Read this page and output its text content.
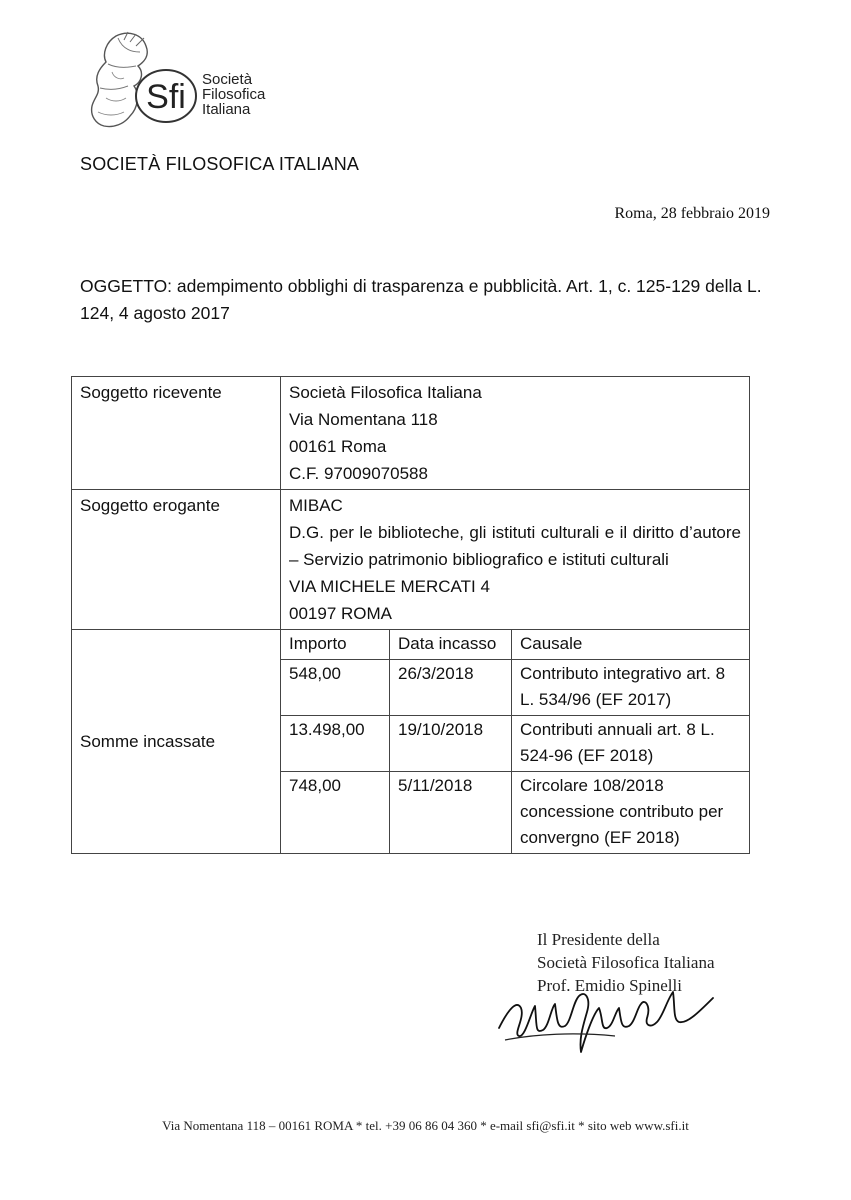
Sfi Società
Filosofica
Italiana
SOCIETÀ FILOSOFICA ITALIANA
Roma, 28 febbraio 2019
OGGETTO: adempimento obblighi di trasparenza e pubblicità. Art. 1, c. 125-129 della L. 124, 4 agosto 2017
Soggetto ricevente	Società Filosofica Italiana
Via Nomentana 118
00161 Roma
C.F. 97009070588

Soggetto erogante	MIBAC
D.G. per le biblioteche, gli istituti culturali e il diritto d’autore – Servizio patrimonio bibliografico e istituti culturali
VIA MICHELE MERCATI 4
00197 ROMA

Somme incassate	
Importo	Data incasso	Causale
548,00	26/3/2018	Contributo integrativo art. 8 L. 534/96 (EF 2017)
13.498,00	19/10/2018	Contributi annuali art. 8 L. 524-96 (EF 2018)
748,00	5/11/2018	Circolare 108/2018 concessione contributo per convergno (EF 2018)
Il Presidente della
Società Filosofica Italiana
Prof. Emidio Spinelli
Via Nomentana 118 – 00161 ROMA * tel. +39 06 86 04 360 * e-mail sfi@sfi.it * sito web www.sfi.it
